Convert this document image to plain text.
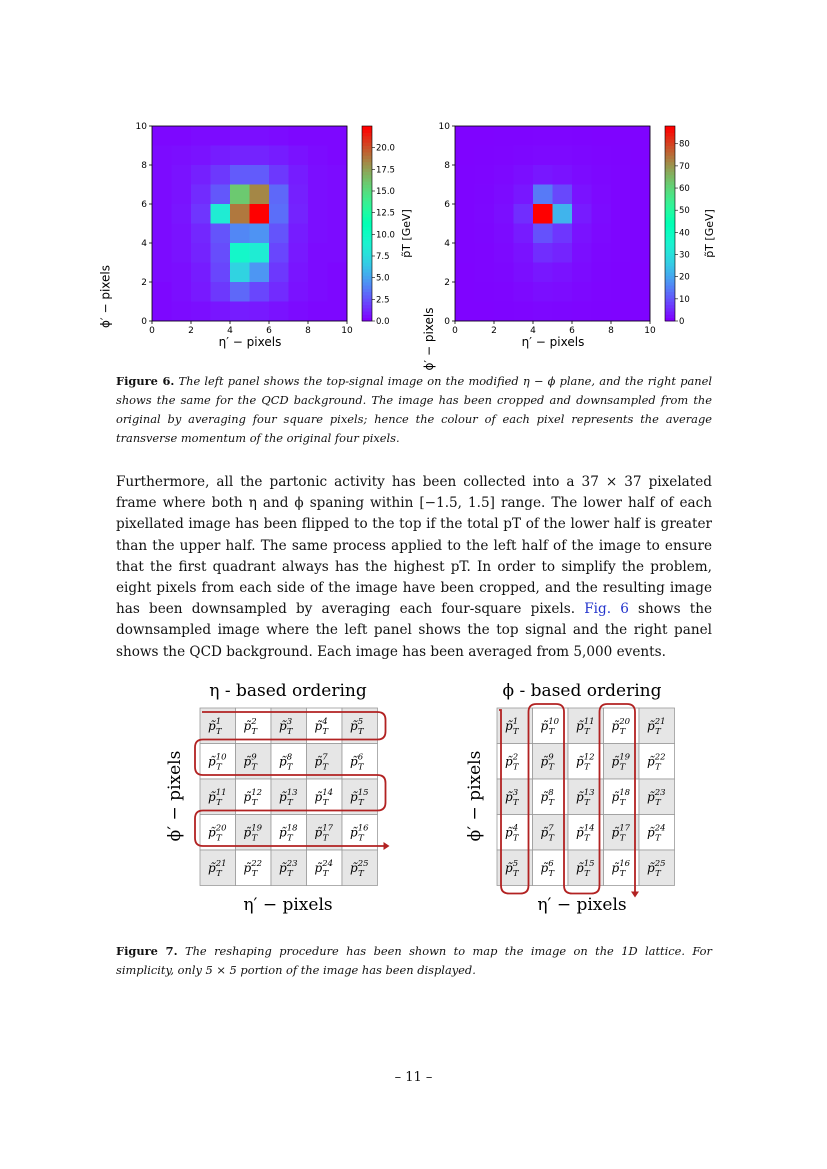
ϕ′ − pixels
0
0
2
2
4
4
6
6
8
8
10
10
η′ − pixels
0.0
2.5
5.0
7.5
10.0
12.5
15.0
17.5
20.0
p̃T [GeV]
ϕ′ − pixels 0
0
2
2
4
4
6
6
8
8
10
10
η′ − pixels
0
10
20
30
40
50
60
70
80
p̃T [GeV]
Figure 6. The left panel shows the top-signal image on the modified η − ϕ plane, and the right panel shows the same for the QCD background. The image has been cropped and downsampled from the original by averaging four square pixels; hence the colour of each pixel represents the average transverse momentum of the original four pixels.

Furthermore, all the partonic activity has been collected into a 37 × 37 pixelated frame where both η and ϕ spaning within [−1.5, 1.5] range. The lower half of each pixellated image has been flipped to the top if the total pT of the lower half is greater than the upper half. The same process applied to the left half of the image to ensure that the first quadrant always has the highest pT. In order to simplify the problem, eight pixels from each side of the image have been cropped, and the resulting image has been downsampled by averaging each four-square pixels. Fig. 6 shows the downsampled image where the left panel shows the top signal and the right panel shows the QCD background. Each image has been averaged from 5,000 events.

η - based ordering
p̃$^1$ T p̃$^2$ T p̃$^3$ T p̃$^4$ T p̃$^5$ T
p̃$^{10}$ T	p̃$^9$ T p̃$^8$ T p̃$^7$ T p̃$^6$ T
p̃$^{11}$ T	p̃$^{12}$ T	p̃$^{13}$ T	p̃$^{14}$ T	p̃$^{15}$ T
p̃$^{20}$ T	p̃$^{19}$ T	p̃$^{18}$ T	p̃$^{17}$ T	p̃$^{16}$ T
p̃$^{21}$ T	p̃$^{22}$ T	p̃$^{23}$ T	p̃$^{24}$ T	p̃$^{25}$ T
ϕ′ − pixels
η′ − pixels
ϕ - based ordering
p̃$^1$ T p̃$^{10}$ T	p̃$^{11}$ T	p̃$^{20}$ T	p̃$^{21}$ T
p̃$^2$ T p̃$^9$ T p̃$^{12}$ T	p̃$^{19}$ T	p̃$^{22}$ T
p̃$^3$ T p̃$^8$ T p̃$^{13}$ T	p̃$^{18}$ T	p̃$^{23}$ T
p̃$^4$ T p̃$^7$ T p̃$^{14}$ T	p̃$^{17}$ T	p̃$^{24}$ T
p̃$^5$ T p̃$^6$ T p̃$^{15}$ T	p̃$^{16}$ T	p̃$^{25}$ T
ϕ′ − pixels
η′ − pixels
Figure 7. The reshaping procedure has been shown to map the image on the 1D lattice. For simplicity, only 5 × 5 portion of the image has been displayed.
– 11 –
